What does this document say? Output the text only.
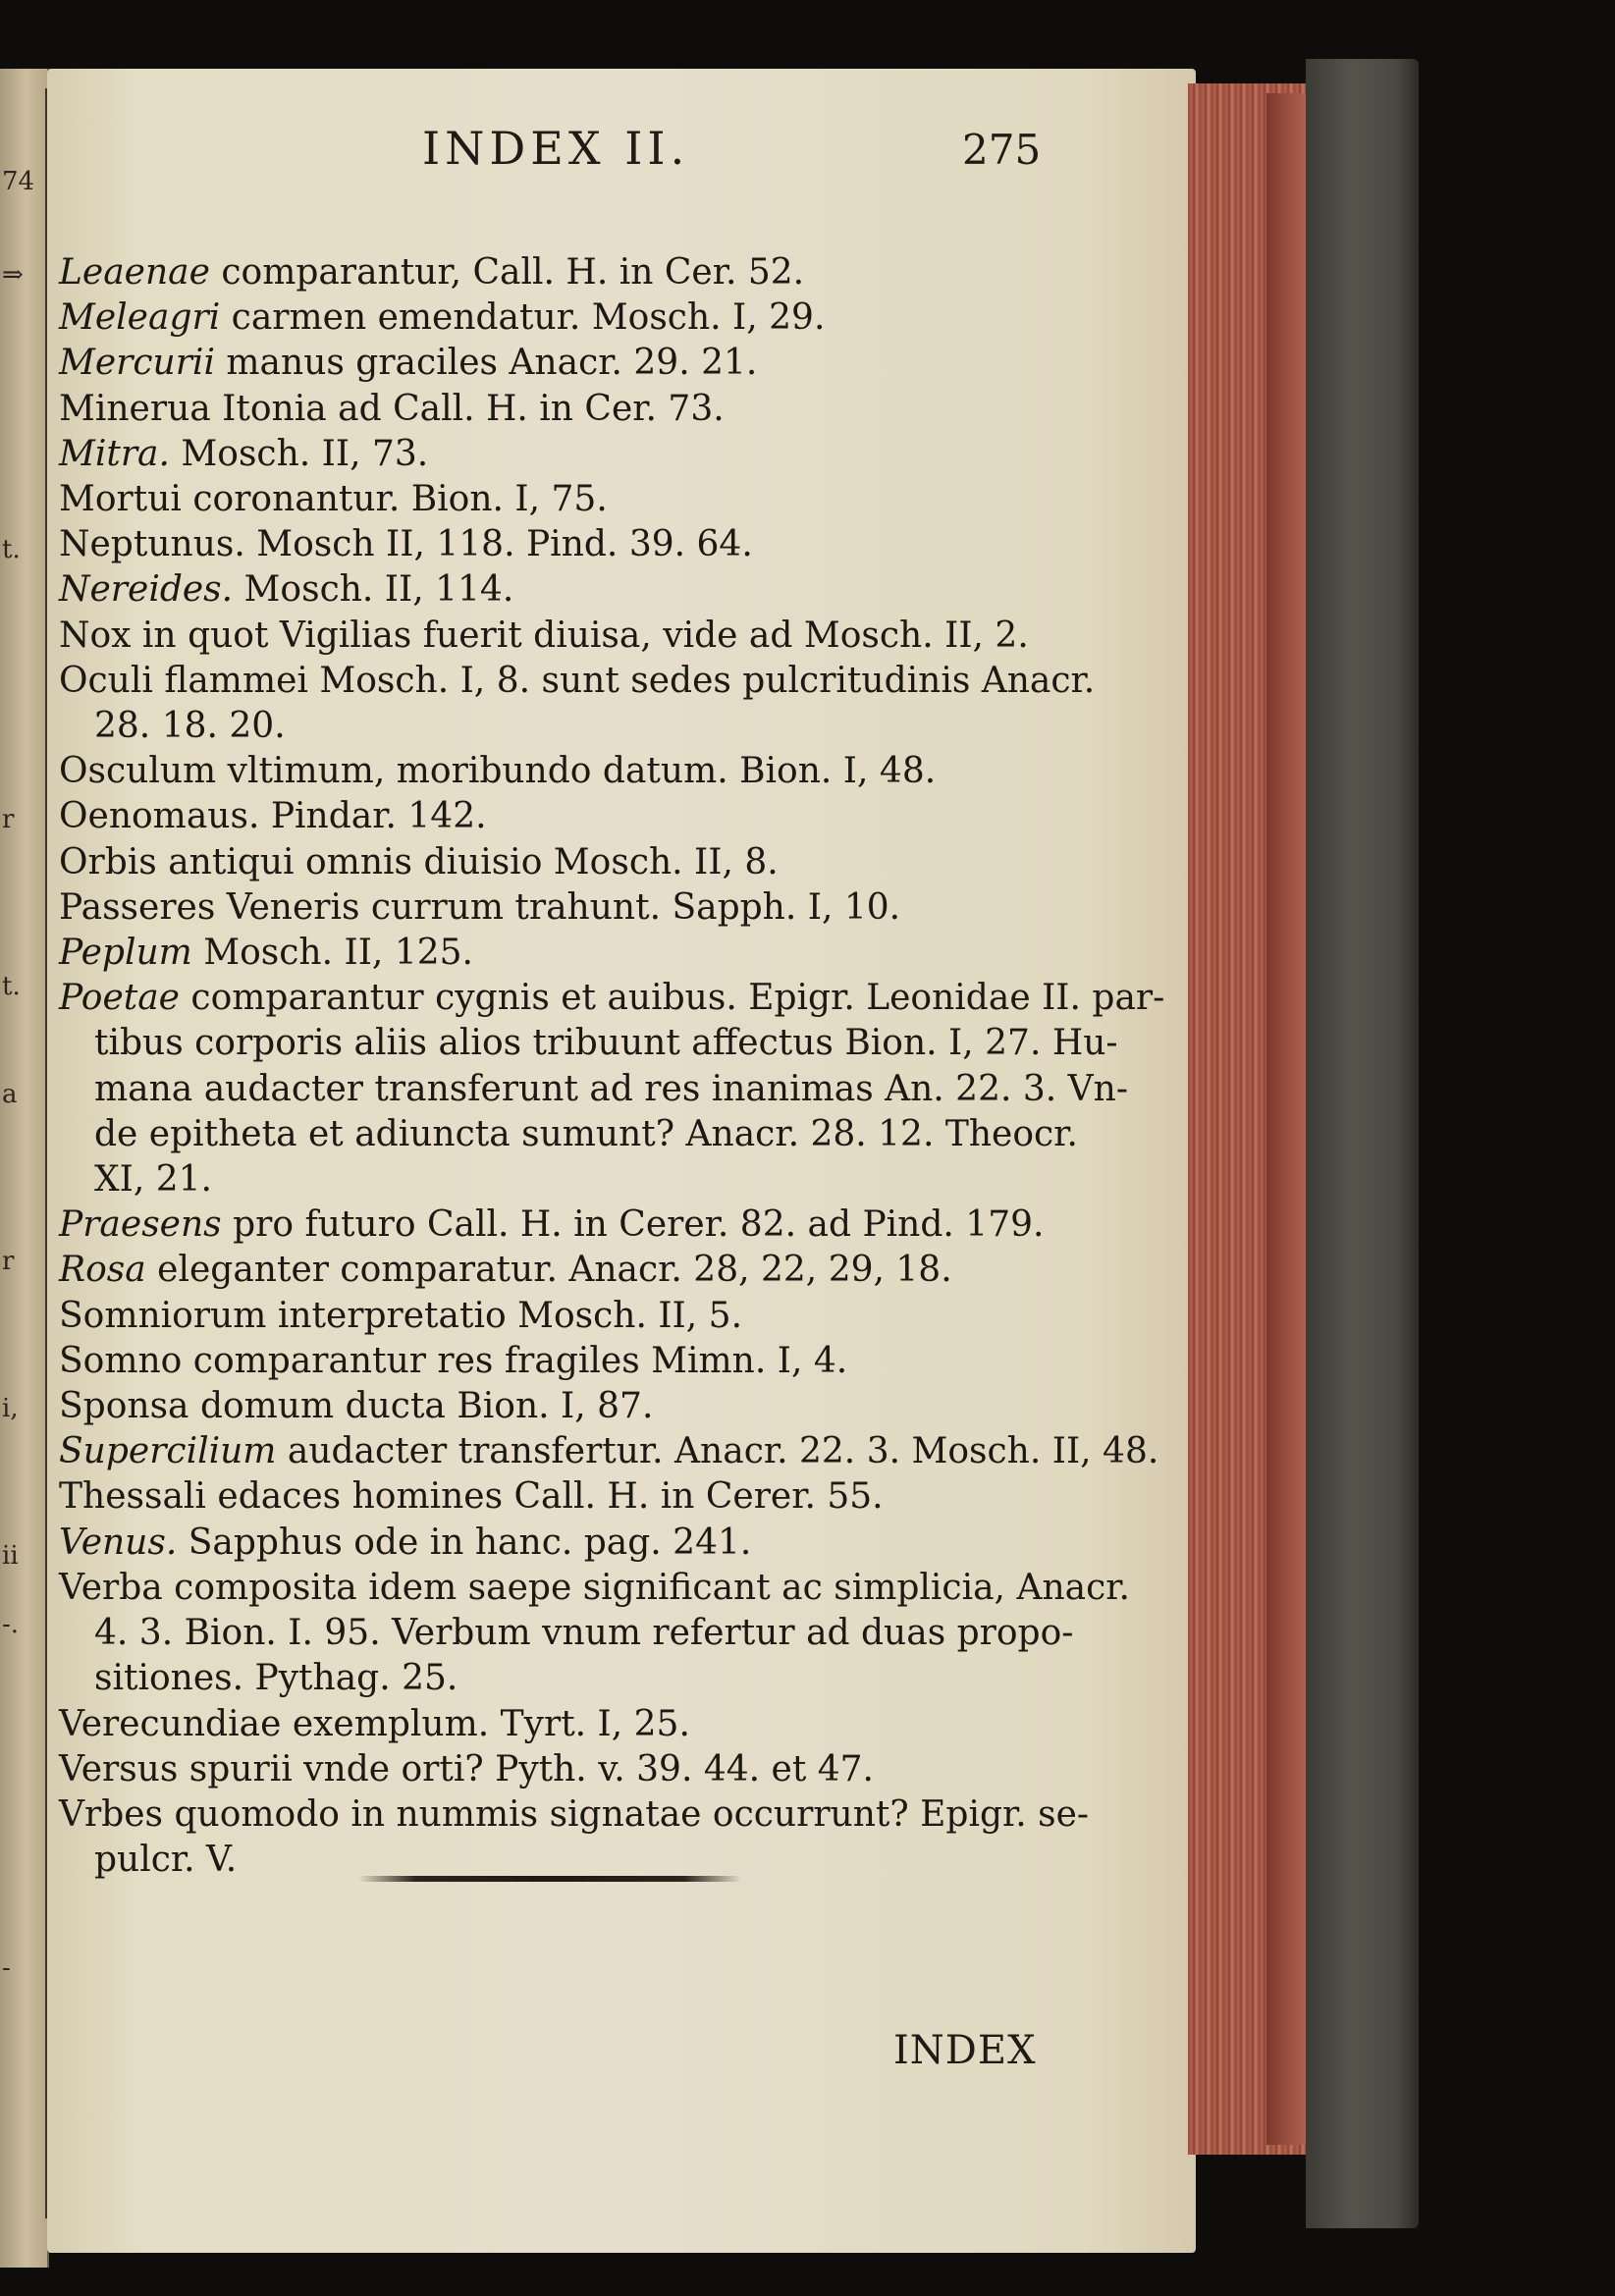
74
⇒
t.
r
t.
a
r
i,
ii
-.
-
INDEX II.	275
Leaenae comparantur, Call. H. in Cer. 52.
Meleagri carmen emendatur. Mosch. I, 29.
Mercurii manus graciles Anacr. 29. 21.
Minerua Itonia ad Call. H. in Cer. 73.
Mitra. Mosch. II, 73.
Mortui coronantur. Bion. I, 75.
Neptunus. Mosch II, 118. Pind. 39. 64.
Nereides. Mosch. II, 114.
Nox in quot Vigilias fuerit diuisa, vide ad Mosch. II, 2.
Oculi flammei Mosch. I, 8. sunt sedes pulcritudinis Anacr.
28. 18. 20.
Osculum vltimum, moribundo datum. Bion. I, 48.
Oenomaus. Pindar. 142.
Orbis antiqui omnis diuisio Mosch. II, 8.
Passeres Veneris currum trahunt. Sapph. I, 10.
Peplum Mosch. II, 125.
Poetae comparantur cygnis et auibus. Epigr. Leonidae II. par-
tibus corporis aliis alios tribuunt affectus Bion. I, 27. Hu-
mana audacter transferunt ad res inanimas An. 22. 3. Vn-
de epitheta et adiuncta sumunt? Anacr. 28. 12. Theocr.
XI, 21.
Praesens pro futuro Call. H. in Cerer. 82. ad Pind. 179.
Rosa eleganter comparatur. Anacr. 28, 22, 29, 18.
Somniorum interpretatio Mosch. II, 5.
Somno comparantur res fragiles Mimn. I, 4.
Sponsa domum ducta Bion. I, 87.
Supercilium audacter transfertur. Anacr. 22. 3. Mosch. II, 48.
Thessali edaces homines Call. H. in Cerer. 55.
Venus. Sapphus ode in hanc. pag. 241.
Verba composita idem saepe significant ac simplicia, Anacr.
4. 3. Bion. I. 95. Verbum vnum refertur ad duas propo-
sitiones. Pythag. 25.
Verecundiae exemplum. Tyrt. I, 25.
Versus spurii vnde orti? Pyth. v. 39. 44. et 47.
Vrbes quomodo in nummis signatae occurrunt? Epigr. se-
pulcr. V.
INDEX
